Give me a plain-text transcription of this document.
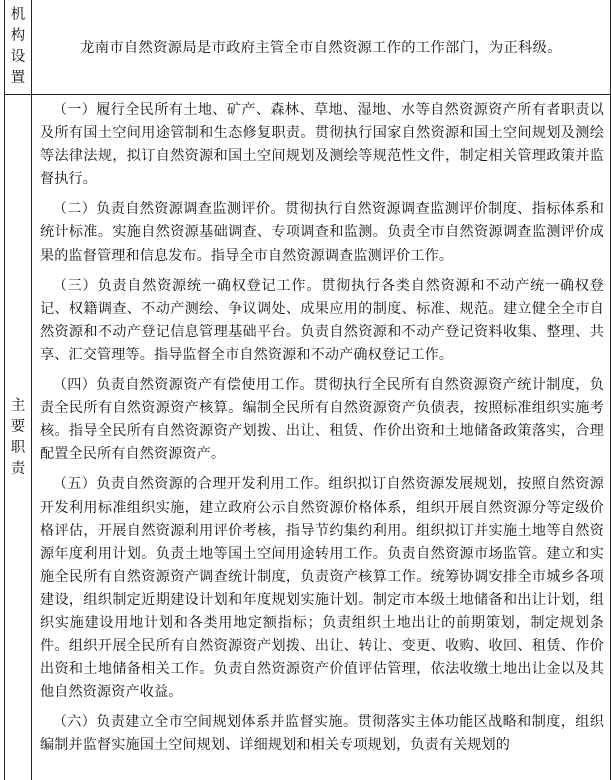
机构设置
龙南市自然资源局是市政府主管全市自然资源工作的工作部门，为正科级。
主要职责

（一）履行全民所有土地、矿产、森林、草地、湿地、水等自然资源资产所有者职责以及所有国土空间用途管制和生态修复职责。贯彻执行国家自然资源和国土空间规划及测绘等法律法规，拟订自然资源和国土空间规划及测绘等规范性文件，制定相关管理政策并监督执行。

（二）负责自然资源调查监测评价。贯彻执行自然资源调查监测评价制度、指标体系和统计标准。实施自然资源基础调查、专项调查和监测。负责全市自然资源调查监测评价成果的监督管理和信息发布。指导全市自然资源调查监测评价工作。

（三）负责自然资源统一确权登记工作。贯彻执行各类自然资源和不动产统一确权登记、权籍调查、不动产测绘、争议调处、成果应用的制度、标准、规范。建立健全全市自然资源和不动产登记信息管理基础平台。负责自然资源和不动产登记资料收集、整理、共享、汇交管理等。指导监督全市自然资源和不动产确权登记工作。

（四）负责自然资源资产有偿使用工作。贯彻执行全民所有自然资源资产统计制度，负责全民所有自然资源资产核算。编制全民所有自然资源资产负债表，按照标准组织实施考核。指导全民所有自然资源资产划拨、出让、租赁、作价出资和土地储备政策落实，合理配置全民所有自然资源资产。

（五）负责自然资源的合理开发利用工作。组织拟订自然资源发展规划，按照自然资源开发利用标准组织实施，建立政府公示自然资源价格体系，组织开展自然资源分等定级价格评估，开展自然资源利用评价考核，指导节约集约利用。组织拟订并实施土地等自然资源年度利用计划。负责土地等国土空间用途转用工作。负责自然资源市场监管。建立和实施全民所有自然资源资产调查统计制度，负责资产核算工作。统筹协调安排全市城乡各项建设，组织制定近期建设计划和年度规划实施计划。制定市本级土地储备和出让计划，组织实施建设用地计划和各类用地定额指标；负责组织土地出让的前期策划，制定规划条件。组织开展全民所有自然资源资产划拨、出让、转让、变更、收购、收回、租赁、作价出资和土地储备相关工作。负责自然资源资产价值评估管理，依法收缴土地出让金以及其他自然资源资产收益。

（六）负责建立全市空间规划体系并监督实施。贯彻落实主体功能区战略和制度，组织编制并监督实施国土空间规划、详细规划和相关专项规划，负责有关规划的
